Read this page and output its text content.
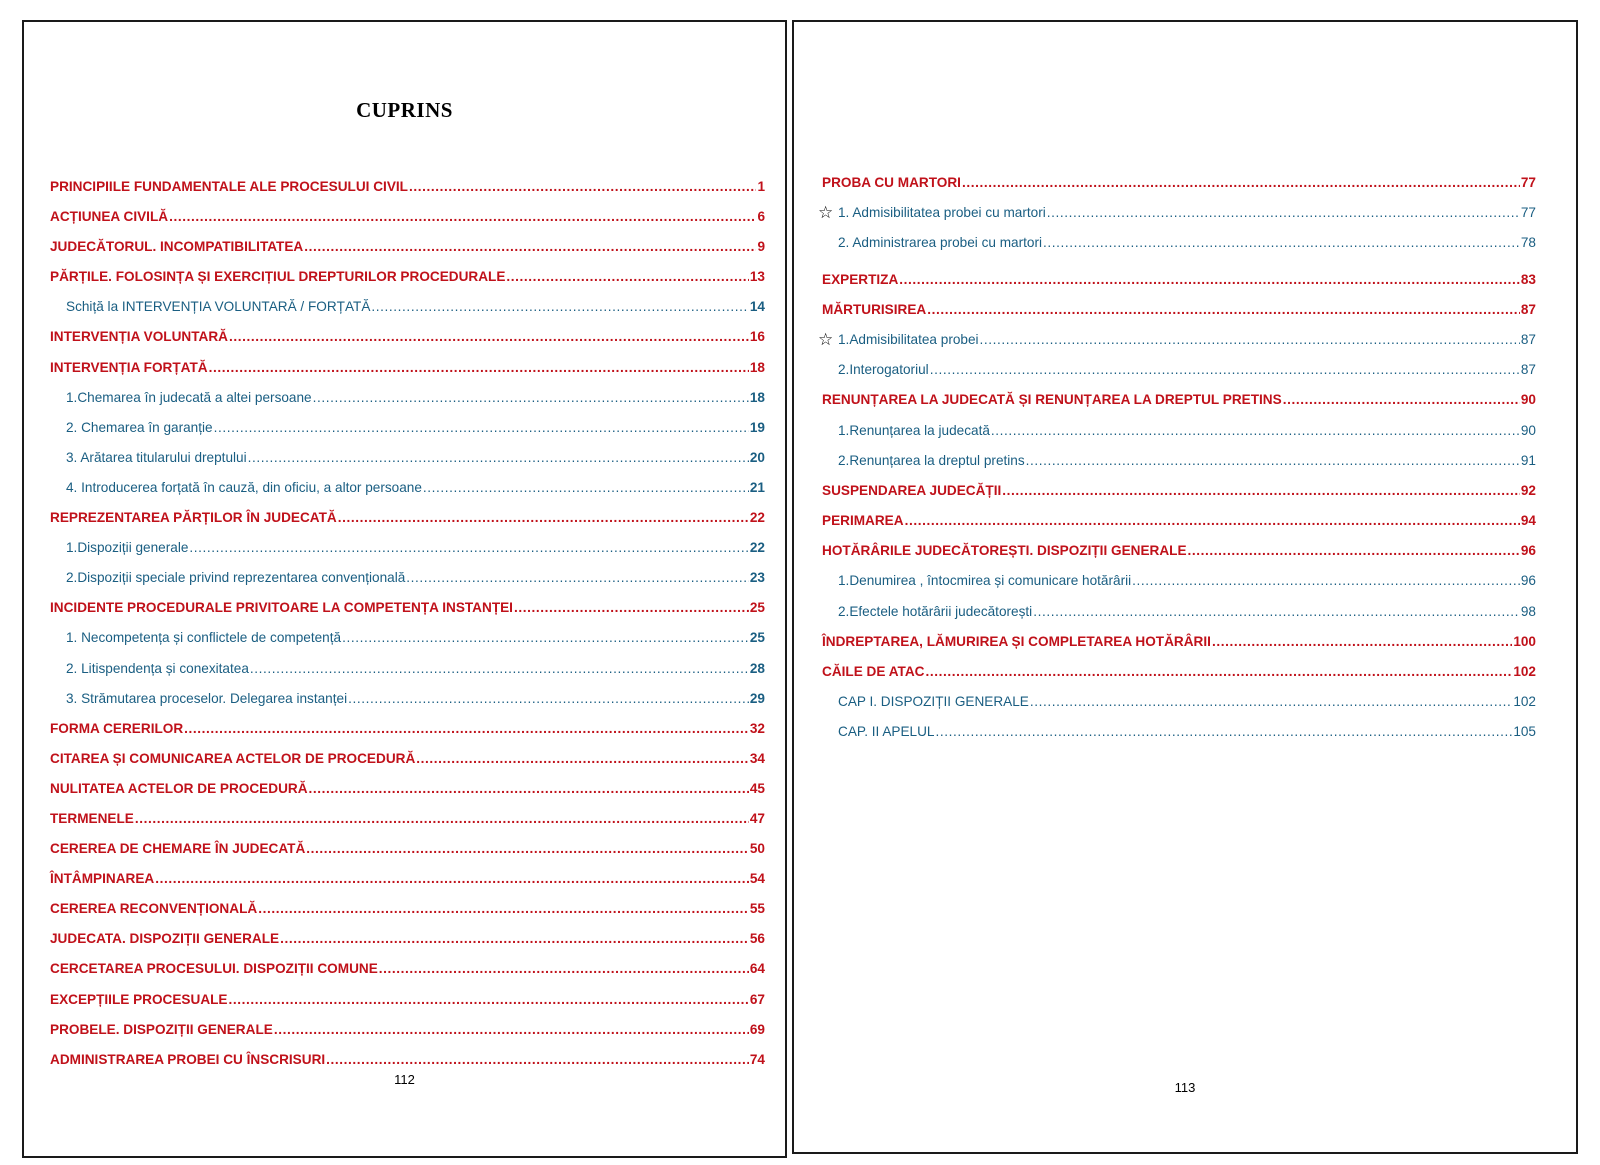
CUPRINS
PRINCIPIILE FUNDAMENTALE ALE PROCESULUI CIVIL .....	1
ACȚIUNEA CIVILĂ .....	6
JUDECĂTORUL. INCOMPATIBILITATEA .....	9
PĂRȚILE. FOLOSINȚA ȘI EXERCIȚIUL DREPTURILOR PROCEDURALE .....	13
Schiță la INTERVENȚIA VOLUNTARĂ / FORȚATĂ .....	14
INTERVENȚIA VOLUNTARĂ .....	16
INTERVENȚIA FORȚATĂ .....	18
1.Chemarea în judecată a altei persoane .....	18
2. Chemarea în garanție .....	19
3. Arătarea titularului dreptului .....	20
4. Introducerea forțată în cauză, din oficiu, a altor persoane .....	21
REPREZENTAREA PĂRȚILOR ÎN JUDECATĂ .....	22
1.Dispoziții generale .....	22
2.Dispoziții speciale privind reprezentarea convențională .....	23
INCIDENTE PROCEDURALE PRIVITOARE LA COMPETENȚA INSTANȚEI .....	25
1. Necompetența și conflictele de competență .....	25
2. Litispendența și conexitatea .....	28
3. Strămutarea proceselor. Delegarea instanței .....	29
FORMA CERERILOR .....	32
CITAREA ȘI COMUNICAREA ACTELOR DE PROCEDURĂ .....	34
NULITATEA ACTELOR DE PROCEDURĂ .....	45
TERMENELE .....	47
CEREREA DE CHEMARE ÎN JUDECATĂ .....	50
ÎNTÂMPINAREA .....	54
CEREREA RECONVENȚIONALĂ .....	55
JUDECATA. DISPOZIȚII GENERALE .....	56
CERCETAREA PROCESULUI. DISPOZIȚII COMUNE .....	64
EXCEPȚIILE PROCESUALE .....	67
PROBELE. DISPOZIȚII GENERALE .....	69
ADMINISTRAREA PROBEI CU ÎNSCRISURI .....	74
112
PROBA CU MARTORI .....	77
☆ 1. Admisibilitatea probei cu martori .....	77
2. Administrarea probei cu martori .....	78
EXPERTIZA .....	83
MĂRTURISIREA .....	87
☆ 1.Admisibilitatea probei .....	87
2.Interogatoriul .....	87
RENUNȚAREA LA JUDECATĂ ȘI RENUNȚAREA LA DREPTUL PRETINS .....	90
1.Renunțarea la judecată .....	90
2.Renunțarea la dreptul pretins .....	91
SUSPENDAREA JUDECĂȚII .....	92
PERIMAREA .....	94
HOTĂRÂRILE JUDECĂTOREȘTI. DISPOZIȚII GENERALE .....	96
1.Denumirea , întocmirea și comunicare hotărârii .....	96
2.Efectele hotărârii judecătorești .....	98
ÎNDREPTAREA, LĂMURIREA ȘI COMPLETAREA HOTĂRÂRII .....	100
CĂILE DE ATAC .....	102
CAP I. DISPOZIȚII GENERALE .....	102
CAP. II APELUL .....	105
113
